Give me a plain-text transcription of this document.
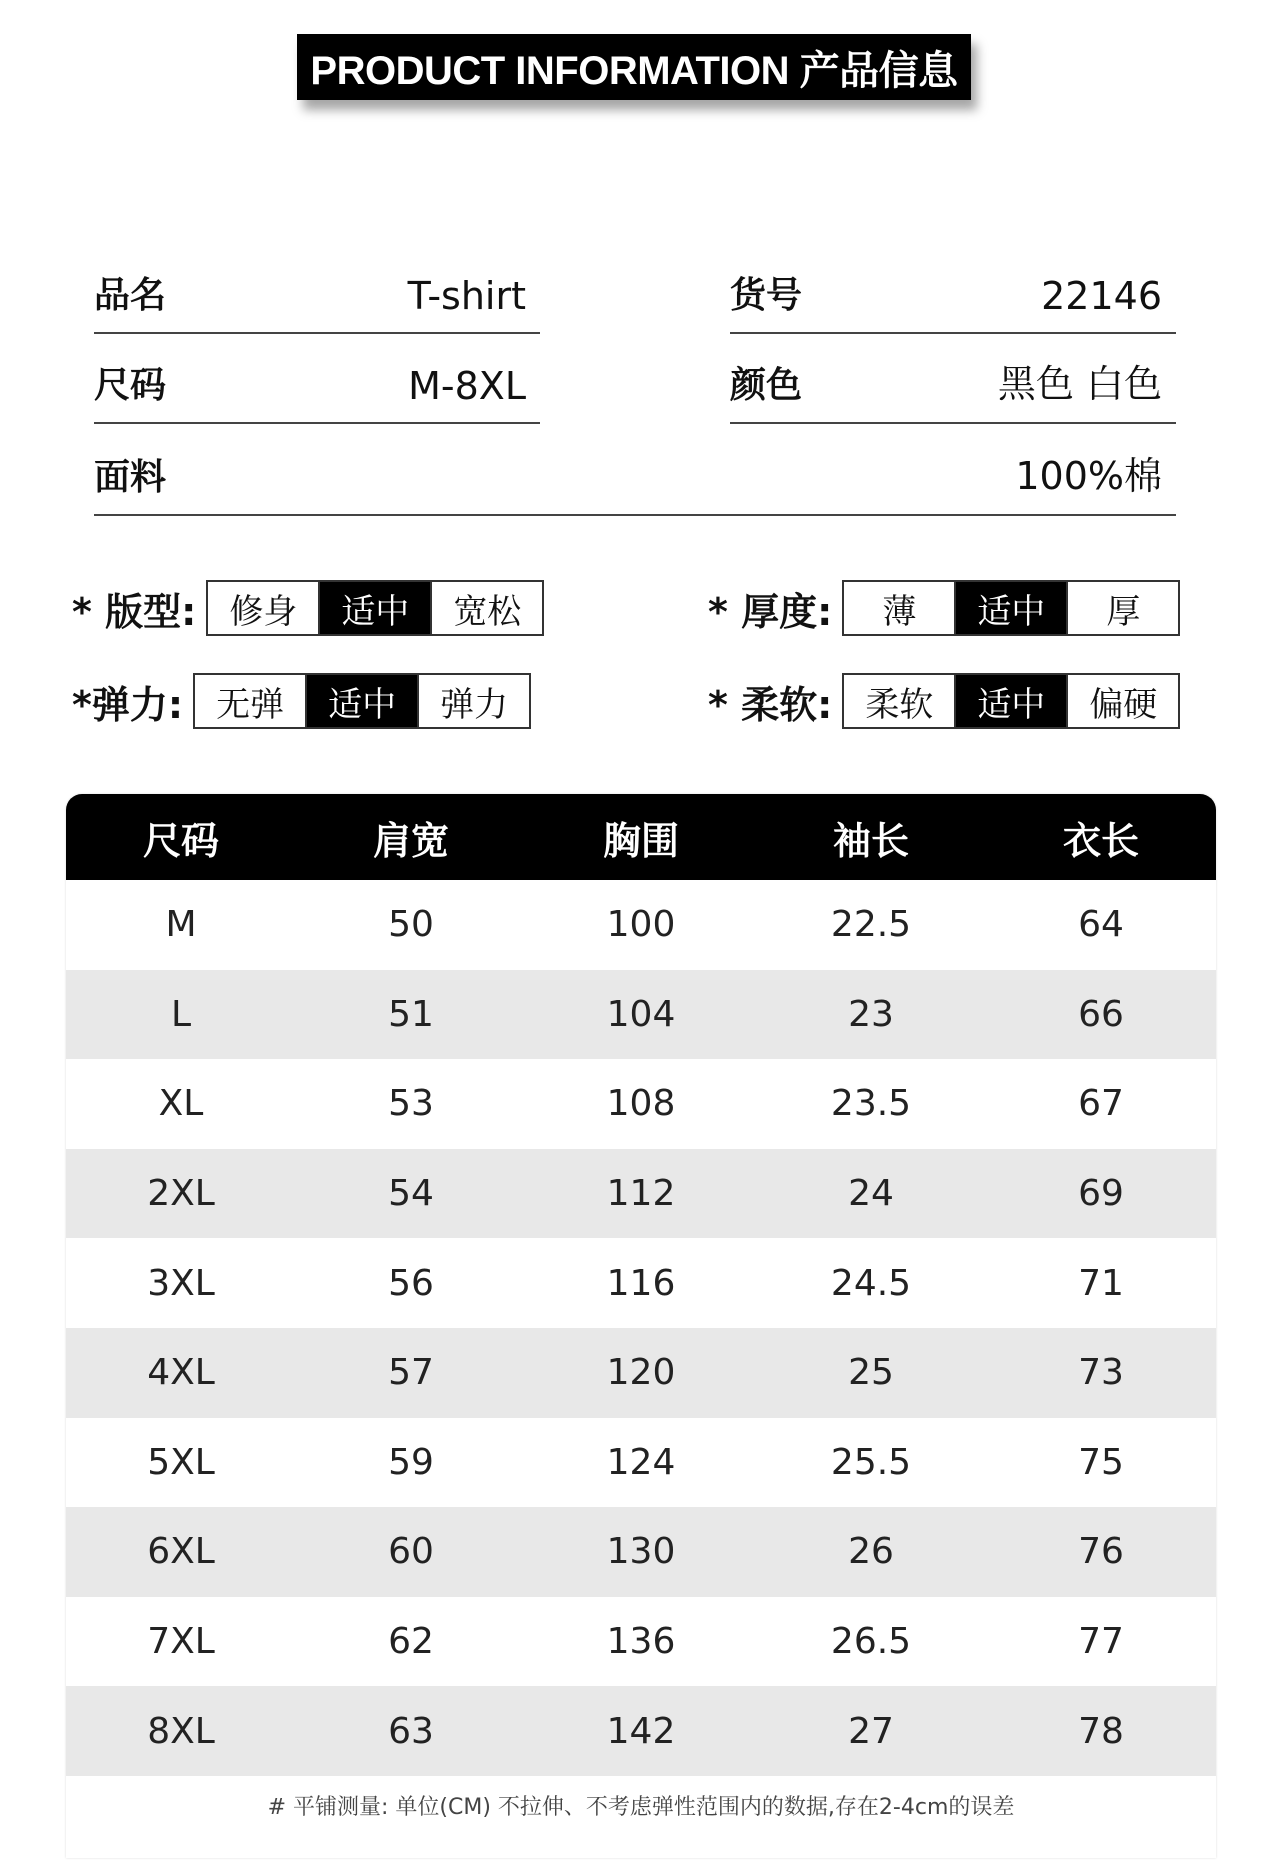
PRODUCT INFORMATION 产品信息
品名	T-shirt	货号	22146
尺码	M-8XL	颜色	黑色 白色
面料	100%棉
* 版型: 修身	适中	宽松	* 厚度:	薄	适中	厚
*弹力: 无弹	适中	弹力	* 柔软: 柔软	适中	偏硬
尺码	肩宽	胸围	袖长	衣长
M	50	100	22.5	64
L	51	104	23	66
XL	53	108	23.5	67
2XL	54	112	24	69
3XL	56	116	24.5	71
4XL	57	120	25	73
5XL	59	124	25.5	75
6XL	60	130	26	76
7XL	62	136	26.5	77
8XL	63	142	27	78
# 平铺测量: 单位(CM) 不拉伸、不考虑弹性范围内的数据,存在2-4cm的误差
